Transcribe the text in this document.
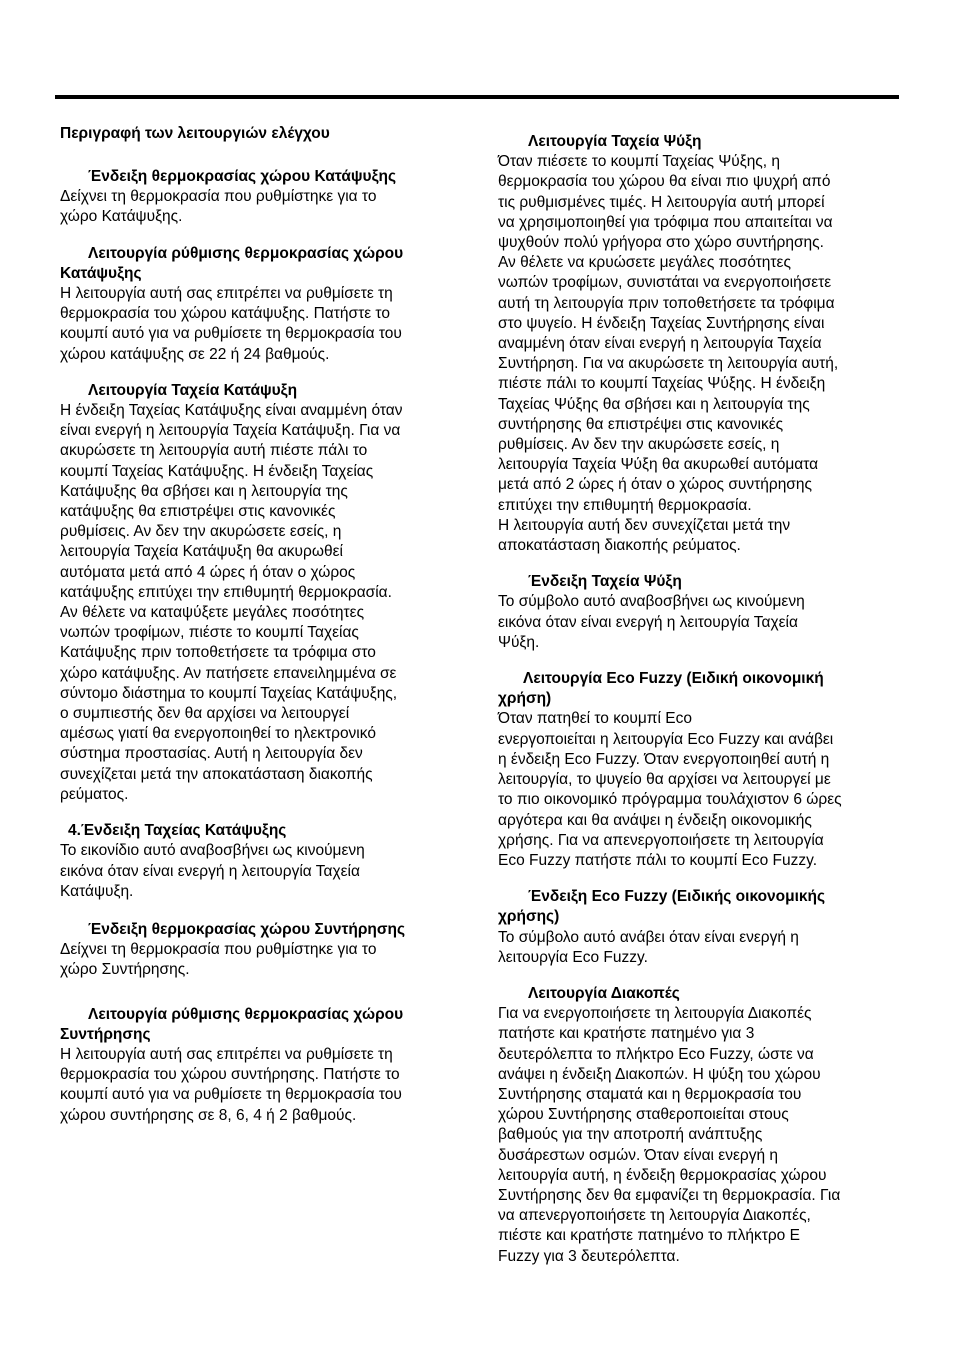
Περιγραφή των λειτουργιών ελέγχου

Ένδειξη θερμοκρασίας χώρου Κατάψυξης

Δείχνει τη θερμοκρασία που ρυθμίστηκε για το
χώρο Κατάψυξης.

Λειτουργία ρύθμισης θερμοκρασίας χώρου
Κατάψυξης

Η λειτουργία αυτή σας επιτρέπει να ρυθμίσετε τη
θερμοκρασία του χώρου κατάψυξης. Πατήστε το
κουμπί αυτό για να ρυθμίσετε τη θερμοκρασία του
χώρου κατάψυξης σε 22 ή 24 βαθμούς.

Λειτουργία Ταχεία Κατάψυξη

Η ένδειξη Ταχείας Κατάψυξης είναι αναμμένη όταν
είναι ενεργή η λειτουργία Ταχεία Κατάψυξη. Για να
ακυρώσετε τη λειτουργία αυτή πιέστε πάλι το
κουμπί Ταχείας Κατάψυξης. Η ένδειξη Ταχείας
Κατάψυξης θα σβήσει και η λειτουργία της
κατάψυξης θα επιστρέψει στις κανονικές
ρυθμίσεις. Αν δεν την ακυρώσετε εσείς, η
λειτουργία Ταχεία Κατάψυξη θα ακυρωθεί
αυτόματα μετά από 4 ώρες ή όταν ο χώρος
κατάψυξης επιτύχει την επιθυμητή θερμοκρασία.
Αν θέλετε να καταψύξετε μεγάλες ποσότητες
νωπών τροφίμων, πιέστε το κουμπί Ταχείας
Κατάψυξης πριν τοποθετήσετε τα τρόφιμα στο
χώρο κατάψυξης. Αν πατήσετε επανειλημμένα σε
σύντομο διάστημα το κουμπί Ταχείας Κατάψυξης,
ο συμπιεστής δεν θα αρχίσει να λειτουργεί
αμέσως γιατί θα ενεργοποιηθεί το ηλεκτρονικό
σύστημα προστασίας. Αυτή η λειτουργία δεν
συνεχίζεται μετά την αποκατάσταση διακοπής
ρεύματος.

4.Ένδειξη Ταχείας Κατάψυξης

Το εικονίδιο αυτό αναβοσβήνει ως κινούμενη
εικόνα όταν είναι ενεργή η λειτουργία Ταχεία
Κατάψυξη.

Ένδειξη θερμοκρασίας χώρου Συντήρησης

Δείχνει τη θερμοκρασία που ρυθμίστηκε για το
χώρο Συντήρησης.

Λειτουργία ρύθμισης θερμοκρασίας χώρου
Συντήρησης

Η λειτουργία αυτή σας επιτρέπει να ρυθμίσετε τη
θερμοκρασία του χώρου συντήρησης. Πατήστε το
κουμπί αυτό για να ρυθμίσετε τη θερμοκρασία του
χώρου συντήρησης σε 8, 6, 4 ή 2 βαθμούς.

Λειτουργία Ταχεία Ψύξη

Όταν πιέσετε το κουμπί Ταχείας Ψύξης, η
θερμοκρασία του χώρου θα είναι πιο ψυχρή από
τις ρυθμισμένες τιμές. Η λειτουργία αυτή μπορεί
να χρησιμοποιηθεί για τρόφιμα που απαιτείται να
ψυχθούν πολύ γρήγορα στο χώρο συντήρησης.
Αν θέλετε να κρυώσετε μεγάλες ποσότητες
νωπών τροφίμων, συνιστάται να ενεργοποιήσετε
αυτή τη λειτουργία πριν τοποθετήσετε τα τρόφιμα
στο ψυγείο. Η ένδειξη Ταχείας Συντήρησης είναι
αναμμένη όταν είναι ενεργή η λειτουργία Ταχεία
Συντήρηση. Για να ακυρώσετε τη λειτουργία αυτή,
πιέστε πάλι το κουμπί Ταχείας Ψύξης. Η ένδειξη
Ταχείας Ψύξης θα σβήσει και η λειτουργία της
συντήρησης θα επιστρέψει στις κανονικές
ρυθμίσεις. Αν δεν την ακυρώσετε εσείς, η
λειτουργία Ταχεία Ψύξη θα ακυρωθεί αυτόματα
μετά από 2 ώρες ή όταν ο χώρος συντήρησης
επιτύχει την επιθυμητή θερμοκρασία.
Η λειτουργία αυτή δεν συνεχίζεται μετά την
αποκατάσταση διακοπής ρεύματος.

Ένδειξη Ταχεία Ψύξη

Το σύμβολο αυτό αναβοσβήνει ως κινούμενη
εικόνα όταν είναι ενεργή η λειτουργία Ταχεία
Ψύξη.

Λειτουργία Eco Fuzzy (Ειδική οικονομική
χρήση)

Όταν πατηθεί το κουμπί Eco
ενεργοποιείται η λειτουργία Eco Fuzzy και ανάβει
η ένδειξη Eco Fuzzy. Όταν ενεργοποιηθεί αυτή η
λειτουργία, το ψυγείο θα αρχίσει να λειτουργεί με
το πιο οικονομικό πρόγραμμα τουλάχιστον 6 ώρες
αργότερα και θα ανάψει η ένδειξη οικονομικής
χρήσης. Για να απενεργοποιήσετε τη λειτουργία
Eco Fuzzy πατήστε πάλι το κουμπί Eco Fuzzy.

Ένδειξη Eco Fuzzy (Ειδικής οικονομικής
χρήσης)

Το σύμβολο αυτό ανάβει όταν είναι ενεργή η
λειτουργία Eco Fuzzy.

Λειτουργία Διακοπές

Για να ενεργοποιήσετε τη λειτουργία Διακοπές
πατήστε και κρατήστε πατημένο για 3
δευτερόλεπτα το πλήκτρο Eco Fuzzy, ώστε να
ανάψει η ένδειξη Διακοπών. Η ψύξη του χώρου
Συντήρησης σταματά και η θερμοκρασία του
χώρου Συντήρησης σταθεροποιείται στους
βαθμούς για την αποτροπή ανάπτυξης
δυσάρεστων οσμών. Όταν είναι ενεργή η
λειτουργία αυτή, η ένδειξη θερμοκρασίας χώρου
Συντήρησης δεν θα εμφανίζει τη θερμοκρασία. Για
να απενεργοποιήσετε τη λειτουργία Διακοπές,
πιέστε και κρατήστε πατημένο το πλήκτρο E
Fuzzy για 3 δευτερόλεπτα.
